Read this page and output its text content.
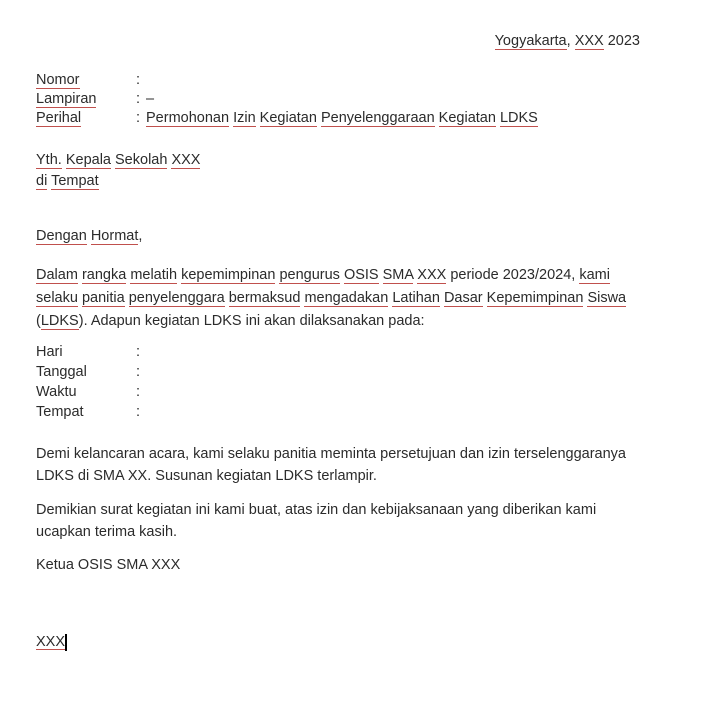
Yogyakarta, XXX 2023
Nomor	:
Lampiran	: –
Perihal	: Permohonan Izin Kegiatan Penyelenggaraan Kegiatan LDKS
Yth. Kepala Sekolah XXX
di Tempat
Dengan Hormat,
Dalam rangka melatih kepemimpinan pengurus OSIS SMA XXX periode 2023/2024, kami selaku panitia penyelenggara bermaksud mengadakan Latihan Dasar Kepemimpinan Siswa (LDKS). Adapun kegiatan LDKS ini akan dilaksanakan pada:
Hari	:
Tanggal	:
Waktu	:
Tempat	:
Demi kelancaran acara, kami selaku panitia meminta persetujuan dan izin terselenggaranya LDKS di SMA XX. Susunan kegiatan LDKS terlampir.
Demikian surat kegiatan ini kami buat, atas izin dan kebijaksanaan yang diberikan kami ucapkan terima kasih.
Ketua OSIS SMA XXX
XXX
